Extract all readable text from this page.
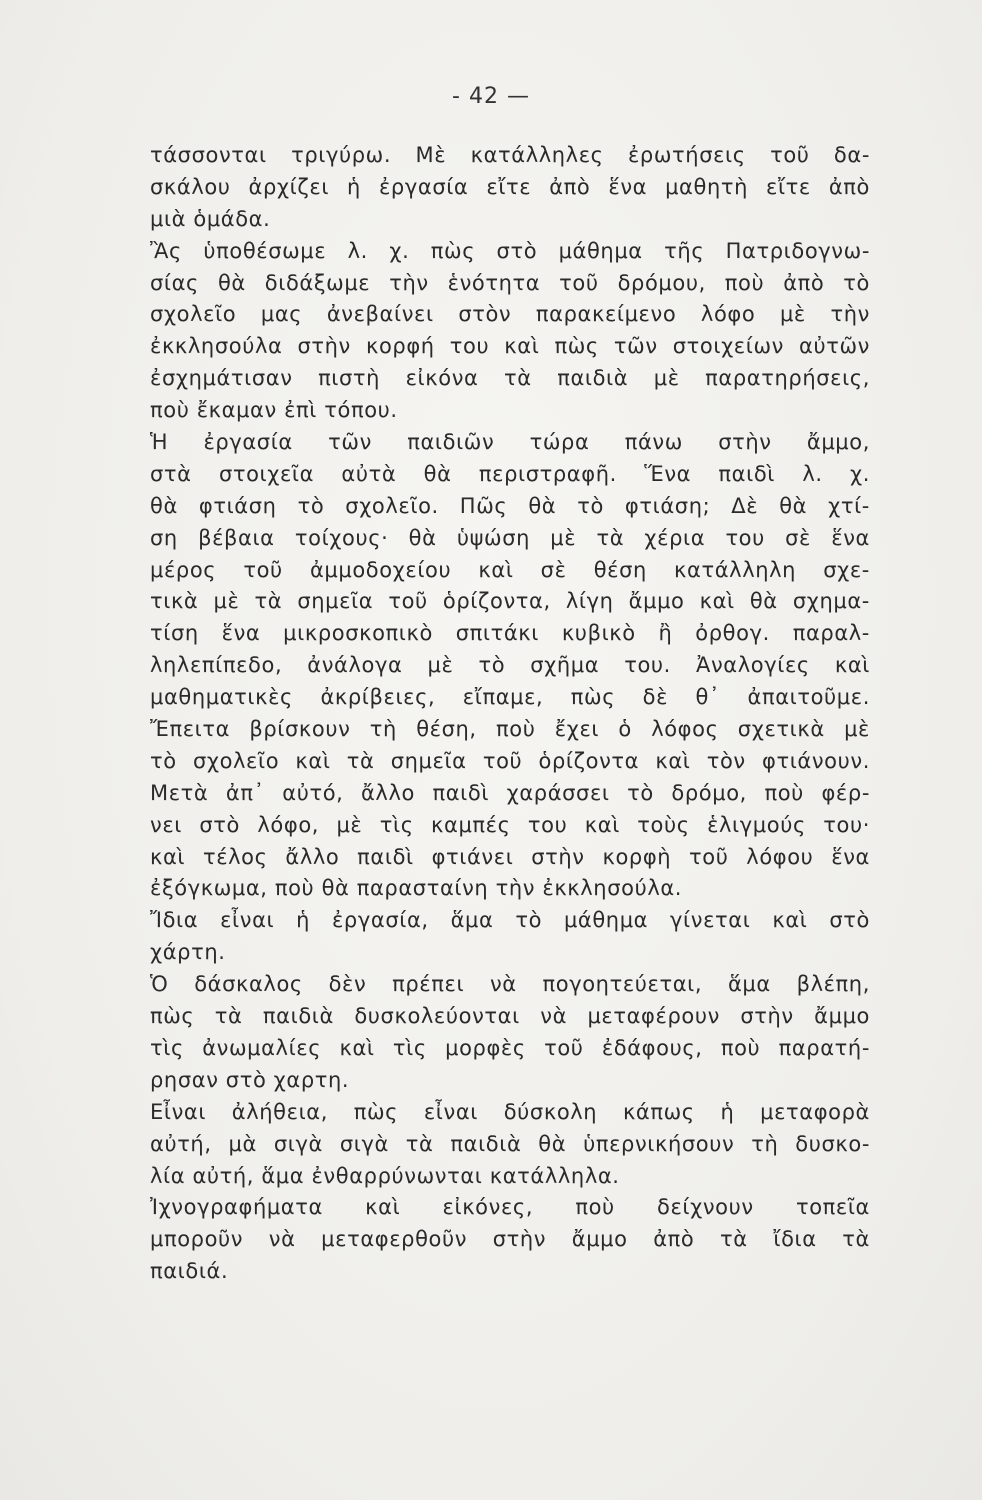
- 42 —
τάσσονται τριγύρω. Μὲ κατάλληλες ἐρωτήσεις τοῦ δα-
σκάλου ἀρχίζει ἡ ἐργασία εἴτε ἀπὸ ἕνα μαθητὴ εἴτε ἀπὸ
μιὰ ὁμάδα.
Ἂς ὑποθέσωμε λ. χ. πὼς στὸ μάθημα τῆς Πατριδογνω-
σίας θὰ διδάξωμε τὴν ἑνότητα τοῦ δρόμου, ποὺ ἀπὸ τὸ
σχολεῖο μας ἀνεβαίνει στὸν παρακείμενο λόφο μὲ τὴν
ἐκκλησούλα στὴν κορφή του καὶ πὼς τῶν στοιχείων αὐτῶν
ἐσχημάτισαν πιστὴ εἰκόνα τὰ παιδιὰ μὲ παρατηρήσεις,
ποὺ ἔκαμαν ἐπὶ τόπου.
Ἡ ἐργασία τῶν παιδιῶν τώρα πάνω στὴν ἄμμο,
στὰ στοιχεῖα αὐτὰ θὰ περιστραφῆ. Ἕνα παιδὶ λ. χ.
θὰ φτιάση τὸ σχολεῖο. Πῶς θὰ τὸ φτιάση; Δὲ θὰ χτί-
ση βέβαια τοίχους· θὰ ὑψώση μὲ τὰ χέρια του σὲ ἕνα
μέρος τοῦ ἀμμοδοχείου καὶ σὲ θέση κατάλληλη σχε-
τικὰ μὲ τὰ σημεῖα τοῦ ὁρίζοντα, λίγη ἄμμο καὶ θὰ σχημα-
τίση ἕνα μικροσκοπικὸ σπιτάκι κυβικὸ ἢ ὀρθογ. παραλ-
ληλεπίπεδο, ἀνάλογα μὲ τὸ σχῆμα του. Ἀναλογίες καὶ
μαθηματικὲς ἀκρίβειες, εἴπαμε, πὼς δὲ θ᾽ ἀπαιτοῦμε.
Ἔπειτα βρίσκουν τὴ θέση, ποὺ ἔχει ὁ λόφος σχετικὰ μὲ
τὸ σχολεῖο καὶ τὰ σημεῖα τοῦ ὁρίζοντα καὶ τὸν φτιάνουν.
Μετὰ ἀπ᾽ αὐτό, ἄλλο παιδὶ χαράσσει τὸ δρόμο, ποὺ φέρ-
νει στὸ λόφο, μὲ τὶς καμπές του καὶ τοὺς ἑλιγμούς του·
καὶ τέλος ἄλλο παιδὶ φτιάνει στὴν κορφὴ τοῦ λόφου ἕνα
ἐξόγκωμα, ποὺ θὰ παρασταίνη τὴν ἐκκλησούλα.
Ἴδια εἶναι ἡ ἐργασία, ἅμα τὸ μάθημα γίνεται καὶ στὸ
χάρτη.
Ὁ δάσκαλος δὲν πρέπει νὰ πογοητεύεται, ἅμα βλέπη,
πὼς τὰ παιδιὰ δυσκολεύονται νὰ μεταφέρουν στὴν ἄμμο
τὶς ἀνωμαλίες καὶ τὶς μορφὲς τοῦ ἐδάφους, ποὺ παρατή-
ρησαν στὸ χαρτη.
Εἶναι ἀλήθεια, πὼς εἶναι δύσκολη κάπως ἡ μεταφορὰ
αὐτή, μὰ σιγὰ σιγὰ τὰ παιδιὰ θὰ ὑπερνικήσουν τὴ δυσκο-
λία αὐτή, ἅμα ἐνθαρρύνωνται κατάλληλα.
Ἰχνογραφήματα καὶ εἰκόνες, ποὺ δείχνουν τοπεῖα
μποροῦν νὰ μεταφερθοῦν στὴν ἄμμο ἀπὸ τὰ ἴδια τὰ
παιδιά.
